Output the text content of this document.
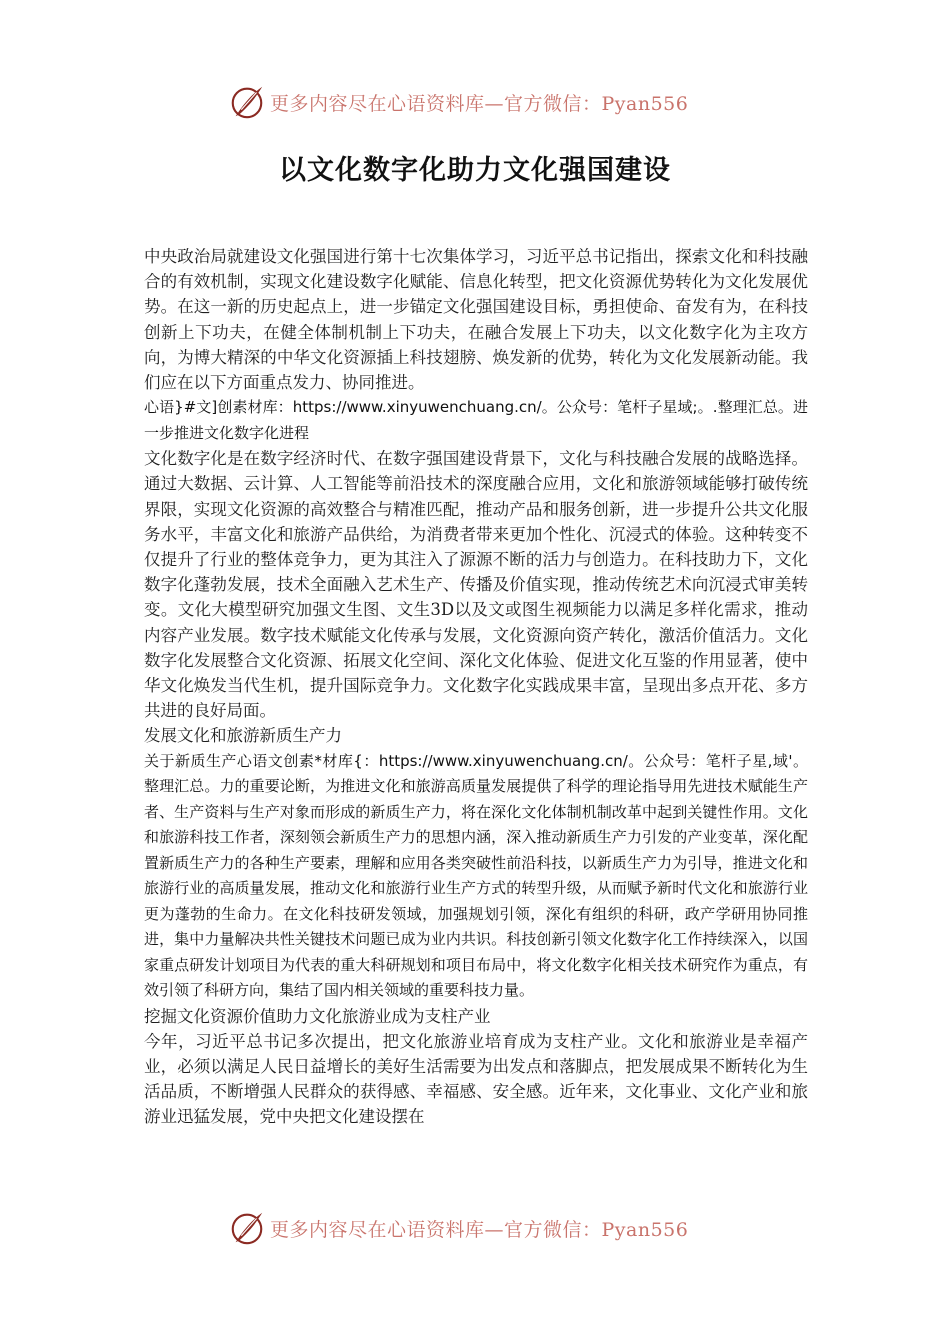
更多内容尽在心语资料库—官方微信：Pyan556
以文化数字化助力文化强国建设

中央政治局就建设文化强国进行第十七次集体学习，习近平总书记指出，探索文化和科技融合的有效机制，实现文化建设数字化赋能、信息化转型，把文化资源优势转化为文化发展优势。在这一新的历史起点上，进一步锚定文化强国建设目标，勇担使命、奋发有为，在科技创新上下功夫，在健全体制机制上下功夫，在融合发展上下功夫，以文化数字化为主攻方向，为博大精深的中华文化资源插上科技翅膀、焕发新的优势，转化为文化发展新动能。我们应在以下方面重点发力、协同推进。

心语}#文]创素材库：https://www.xinyuwenchuang.cn/。公众号：笔杆子星域;。.整理汇总。进一步推进文化数字化进程

文化数字化是在数字经济时代、在数字强国建设背景下，文化与科技融合发展的战略选择。通过大数据、云计算、人工智能等前沿技术的深度融合应用，文化和旅游领域能够打破传统界限，实现文化资源的高效整合与精准匹配，推动产品和服务创新，进一步提升公共文化服务水平，丰富文化和旅游产品供给，为消费者带来更加个性化、沉浸式的体验。这种转变不仅提升了行业的整体竞争力，更为其注入了源源不断的活力与创造力。在科技助力下，文化数字化蓬勃发展，技术全面融入艺术生产、传播及价值实现，推动传统艺术向沉浸式审美转变。文化大模型研究加强文生图、文生3D以及文或图生视频能力以满足多样化需求，推动内容产业发展。数字技术赋能文化传承与发展，文化资源向资产转化，激活价值活力。文化数字化发展整合文化资源、拓展文化空间、深化文化体验、促进文化互鉴的作用显著，使中华文化焕发当代生机，提升国际竞争力。文化数字化实践成果丰富，呈现出多点开花、多方共进的良好局面。

发展文化和旅游新质生产力

关于新质生产心语文创素*材库{：https://www.xinyuwenchuang.cn/。公众号：笔杆子星,域'。整理汇总。力的重要论断，为推进文化和旅游高质量发展提供了科学的理论指导用先进技术赋能生产者、生产资料与生产对象而形成的新质生产力，将在深化文化体制机制改革中起到关键性作用。文化和旅游科技工作者，深刻领会新质生产力的思想内涵，深入推动新质生产力引发的产业变革，深化配置新质生产力的各种生产要素，理解和应用各类突破性前沿科技，以新质生产力为引导，推进文化和旅游行业的高质量发展，推动文化和旅游行业生产方式的转型升级，从而赋予新时代文化和旅游行业更为蓬勃的生命力。在文化科技研发领域，加强规划引领，深化有组织的科研，政产学研用协同推进，集中力量解决共性关键技术问题已成为业内共识。科技创新引领文化数字化工作持续深入，以国家重点研发计划项目为代表的重大科研规划和项目布局中，将文化数字化相关技术研究作为重点，有效引领了科研方向，集结了国内相关领域的重要科技力量。

挖掘文化资源价值助力文化旅游业成为支柱产业

今年，习近平总书记多次提出，把文化旅游业培育成为支柱产业。文化和旅游业是幸福产业，必须以满足人民日益增长的美好生活需要为出发点和落脚点，把发展成果不断转化为生活品质，不断增强人民群众的获得感、幸福感、安全感。近年来，文化事业、文化产业和旅游业迅猛发展，党中央把文化建设摆在

更多内容尽在心语资料库—官方微信：Pyan556
